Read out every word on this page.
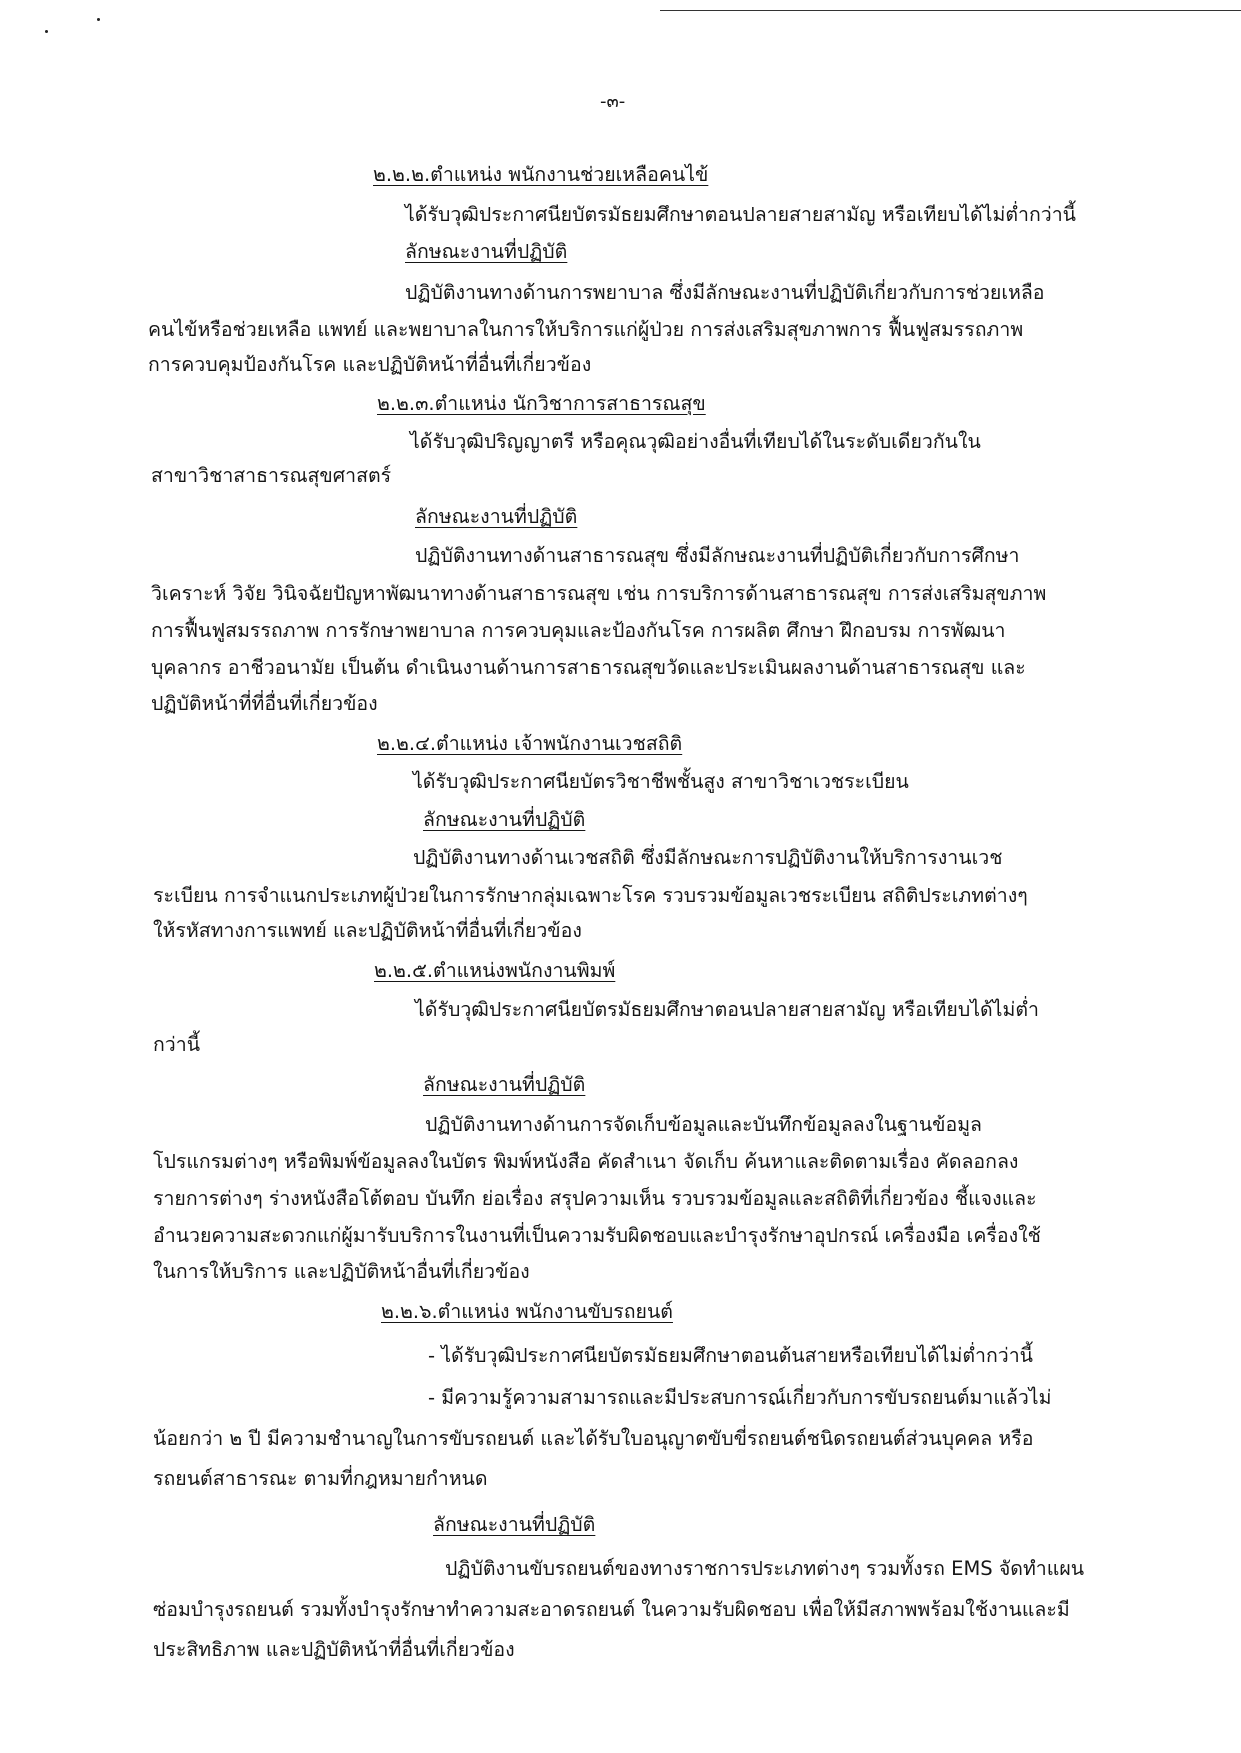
-๓-
๒.๒.๒.ตำแหน่ง พนักงานช่วยเหลือคนไข้
ได้รับวุฒิประกาศนียบัตรมัธยมศึกษาตอนปลายสายสามัญ หรือเทียบได้ไม่ต่ำกว่านี้
ลักษณะงานที่ปฏิบัติ
ปฏิบัติงานทางด้านการพยาบาล ซึ่งมีลักษณะงานที่ปฏิบัติเกี่ยวกับการช่วยเหลือ
คนไข้หรือช่วยเหลือ แพทย์ และพยาบาลในการให้บริการแก่ผู้ป่วย การส่งเสริมสุขภาพการ ฟื้นฟูสมรรถภาพ
การควบคุมป้องกันโรค และปฏิบัติหน้าที่อื่นที่เกี่ยวข้อง
๒.๒.๓.ตำแหน่ง นักวิชาการสาธารณสุข
ได้รับวุฒิปริญญาตรี หรือคุณวุฒิอย่างอื่นที่เทียบได้ในระดับเดียวกันใน
สาขาวิชาสาธารณสุขศาสตร์
ลักษณะงานที่ปฏิบัติ
ปฏิบัติงานทางด้านสาธารณสุข ซึ่งมีลักษณะงานที่ปฏิบัติเกี่ยวกับการศึกษา
วิเคราะห์ วิจัย วินิจฉัยปัญหาพัฒนาทางด้านสาธารณสุข เช่น การบริการด้านสาธารณสุข การส่งเสริมสุขภาพ
การฟื้นฟูสมรรถภาพ การรักษาพยาบาล การควบคุมและป้องกันโรค การผลิต ศึกษา ฝึกอบรม การพัฒนา
บุคลากร อาชีวอนามัย เป็นต้น ดำเนินงานด้านการสาธารณสุขวัดและประเมินผลงานด้านสาธารณสุข และ
ปฏิบัติหน้าที่ที่อื่นที่เกี่ยวข้อง
๒.๒.๔.ตำแหน่ง เจ้าพนักงานเวชสถิติ
ได้รับวุฒิประกาศนียบัตรวิชาชีพชั้นสูง สาขาวิชาเวชระเบียน
ลักษณะงานที่ปฏิบัติ
ปฏิบัติงานทางด้านเวชสถิติ ซึ่งมีลักษณะการปฏิบัติงานให้บริการงานเวช
ระเบียน การจำแนกประเภทผู้ป่วยในการรักษากลุ่มเฉพาะโรค รวบรวมข้อมูลเวชระเบียน สถิติประเภทต่างๆ
ให้รหัสทางการแพทย์ และปฏิบัติหน้าที่อื่นที่เกี่ยวข้อง
๒.๒.๕.ตำแหน่งพนักงานพิมพ์
ได้รับวุฒิประกาศนียบัตรมัธยมศึกษาตอนปลายสายสามัญ หรือเทียบได้ไม่ต่ำ
กว่านี้
ลักษณะงานที่ปฏิบัติ
ปฏิบัติงานทางด้านการจัดเก็บข้อมูลและบันทึกข้อมูลลงในฐานข้อมูล
โปรแกรมต่างๆ หรือพิมพ์ข้อมูลลงในบัตร พิมพ์หนังสือ คัดสำเนา จัดเก็บ ค้นหาและติดตามเรื่อง คัดลอกลง
รายการต่างๆ ร่างหนังสือโต้ตอบ บันทึก ย่อเรื่อง สรุปความเห็น รวบรวมข้อมูลและสถิติที่เกี่ยวข้อง ชี้แจงและ
อำนวยความสะดวกแก่ผู้มารับบริการในงานที่เป็นความรับผิดชอบและบำรุงรักษาอุปกรณ์ เครื่องมือ เครื่องใช้
ในการให้บริการ และปฏิบัติหน้าอื่นที่เกี่ยวข้อง
๒.๒.๖.ตำแหน่ง พนักงานขับรถยนต์
- ได้รับวุฒิประกาศนียบัตรมัธยมศึกษาตอนต้นสายหรือเทียบได้ไม่ต่ำกว่านี้
- มีความรู้ความสามารถและมีประสบการณ์เกี่ยวกับการขับรถยนต์มาแล้วไม่
น้อยกว่า ๒ ปี มีความชำนาญในการขับรถยนต์ และได้รับใบอนุญาตขับขี่รถยนต์ชนิดรถยนต์ส่วนบุคคล หรือ
รถยนต์สาธารณะ ตามที่กฎหมายกำหนด
ลักษณะงานที่ปฏิบัติ
ปฏิบัติงานขับรถยนต์ของทางราชการประเภทต่างๆ รวมทั้งรถ EMS จัดทำแผน
ซ่อมบำรุงรถยนต์ รวมทั้งบำรุงรักษาทำความสะอาดรถยนต์ ในความรับผิดชอบ เพื่อให้มีสภาพพร้อมใช้งานและมี
ประสิทธิภาพ และปฏิบัติหน้าที่อื่นที่เกี่ยวข้อง
